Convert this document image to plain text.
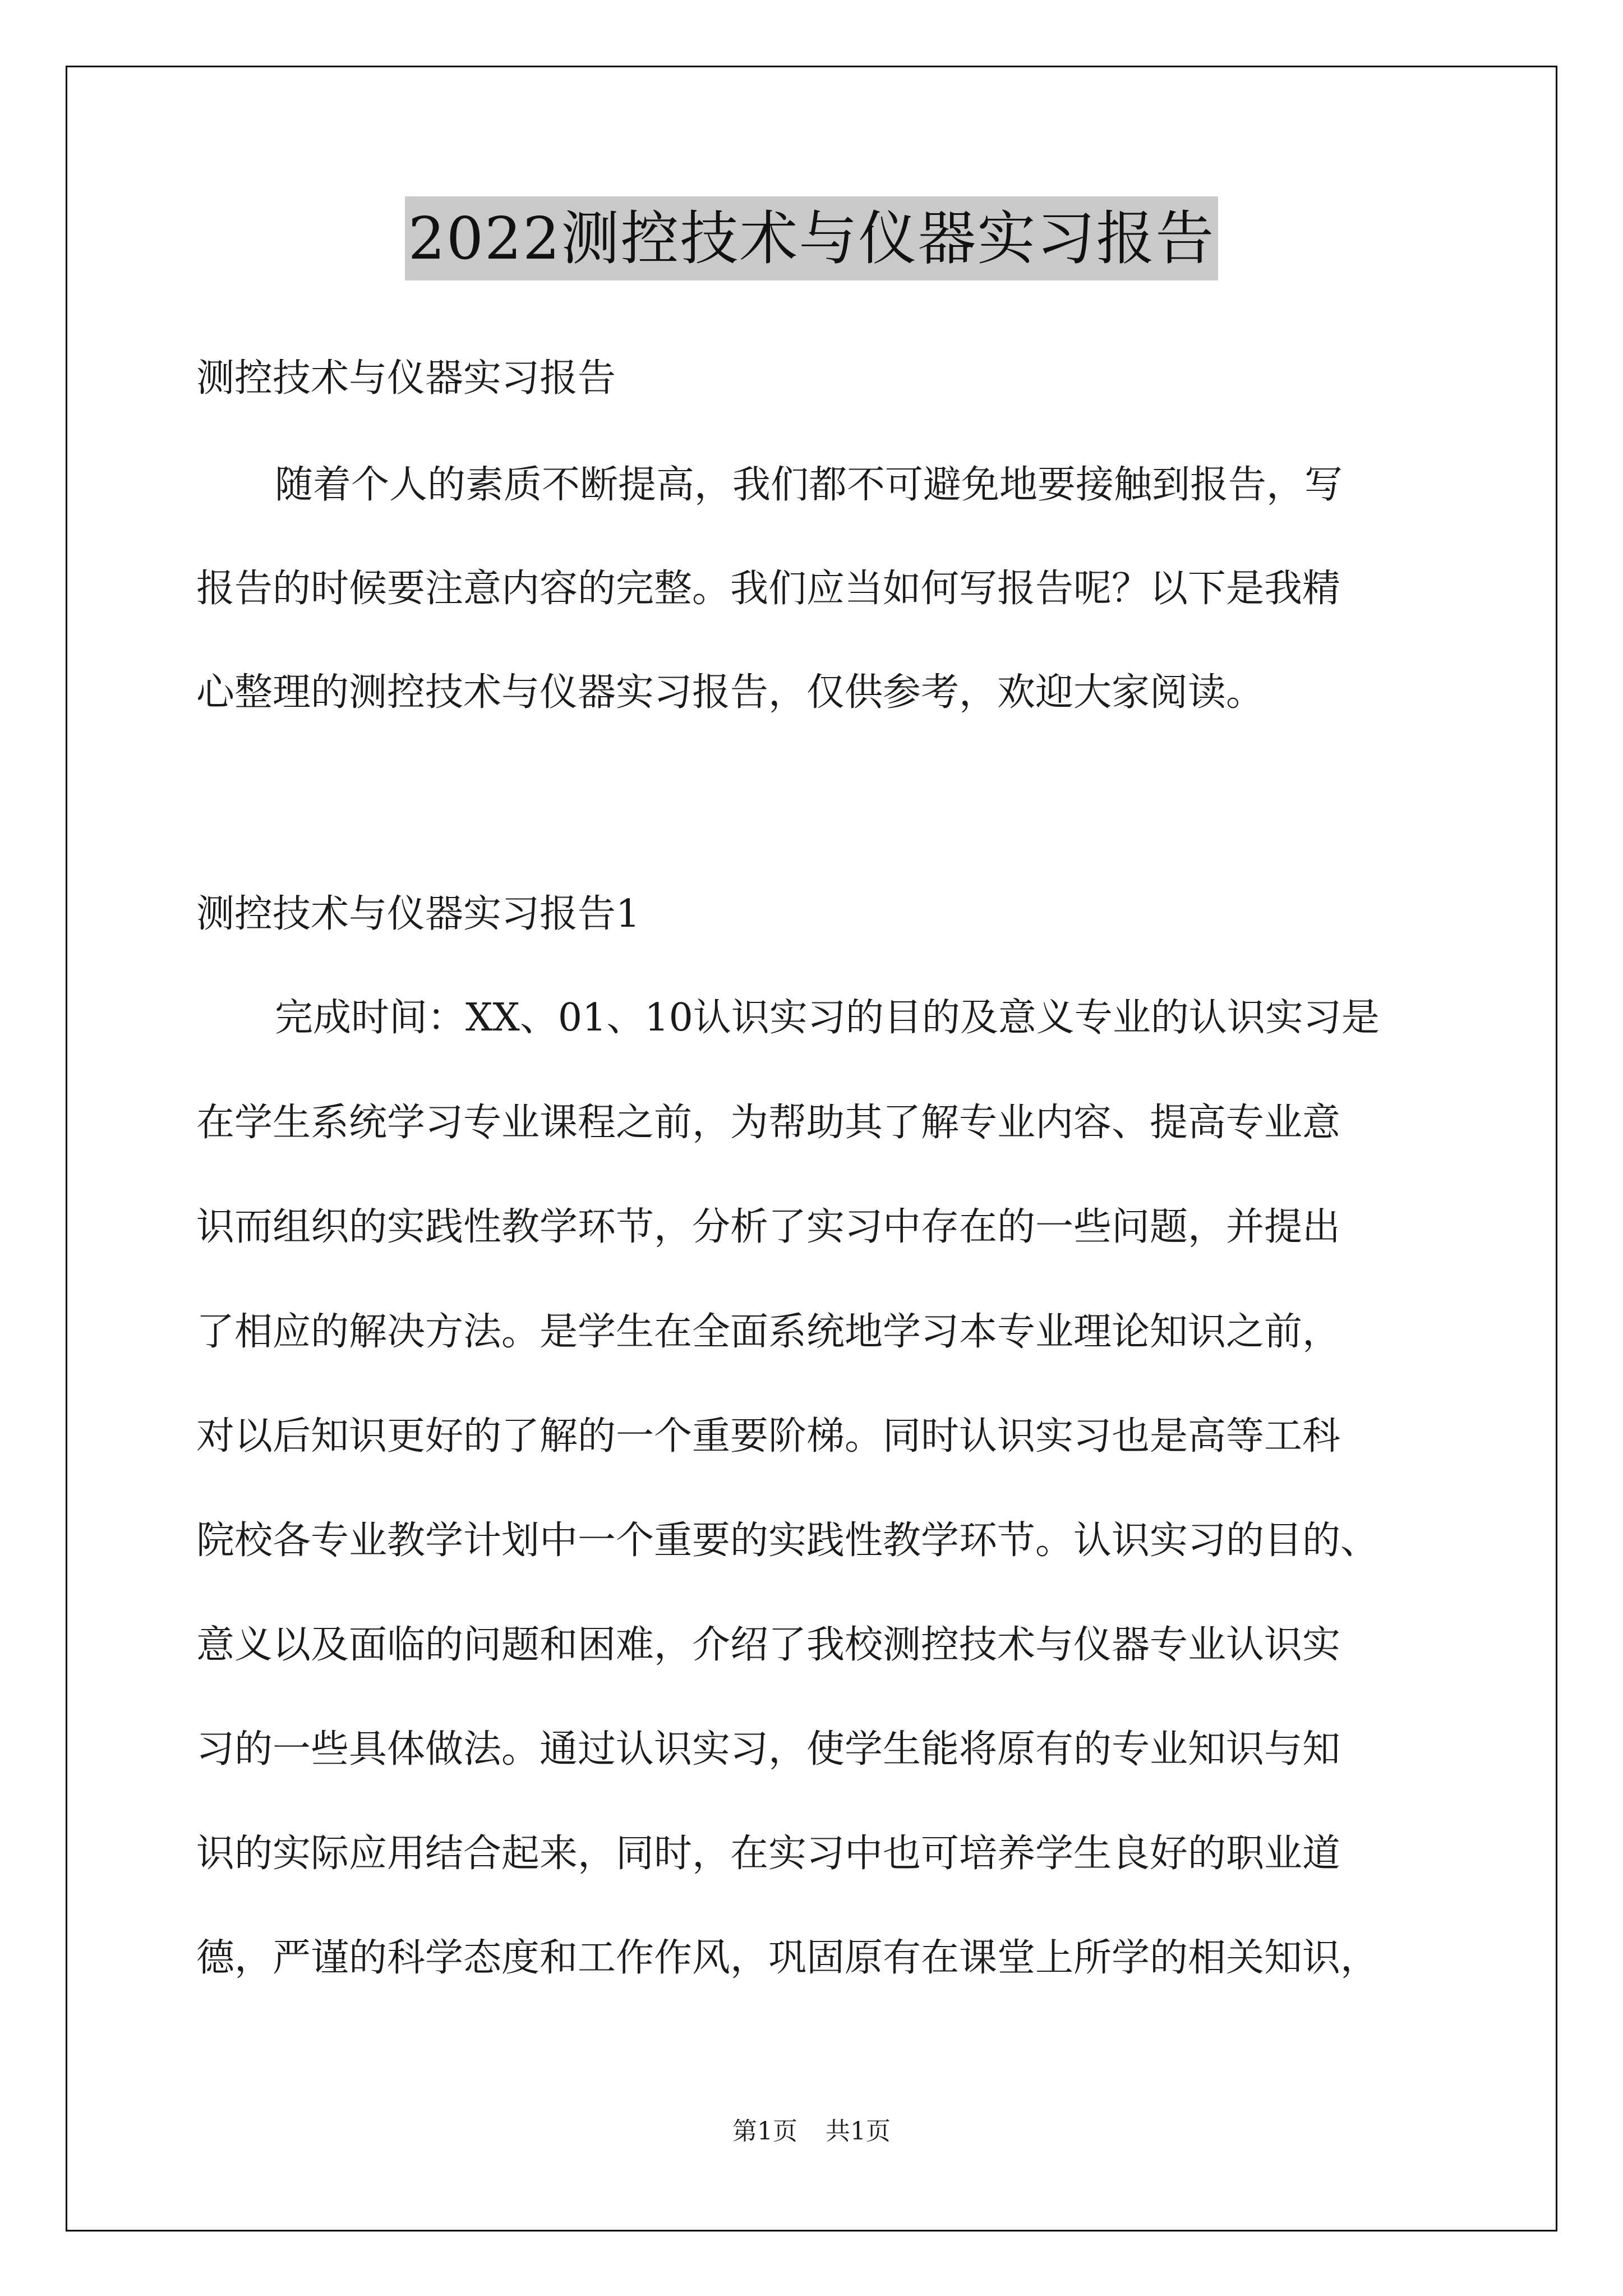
2022测控技术与仪器实习报告

测控技术与仪器实习报告

随着个人的素质不断提高，我们都不可避免地要接触到报告，写

报告的时候要注意内容的完整。我们应当如何写报告呢？以下是我精

心整理的测控技术与仪器实习报告，仅供参考，欢迎大家阅读。

测控技术与仪器实习报告1

完成时间：XX、01、10认识实习的目的及意义专业的认识实习是

在学生系统学习专业课程之前，为帮助其了解专业内容、提高专业意

识而组织的实践性教学环节，分析了实习中存在的一些问题，并提出

了相应的解决方法。是学生在全面系统地学习本专业理论知识之前，

对以后知识更好的了解的一个重要阶梯。同时认识实习也是高等工科

院校各专业教学计划中一个重要的实践性教学环节。认识实习的目的、

意义以及面临的问题和困难，介绍了我校测控技术与仪器专业认识实

习的一些具体做法。通过认识实习，使学生能将原有的专业知识与知

识的实际应用结合起来，同时，在实习中也可培养学生良好的职业道

德，严谨的科学态度和工作作风，巩固原有在课堂上所学的相关知识，

第1页 共1页
